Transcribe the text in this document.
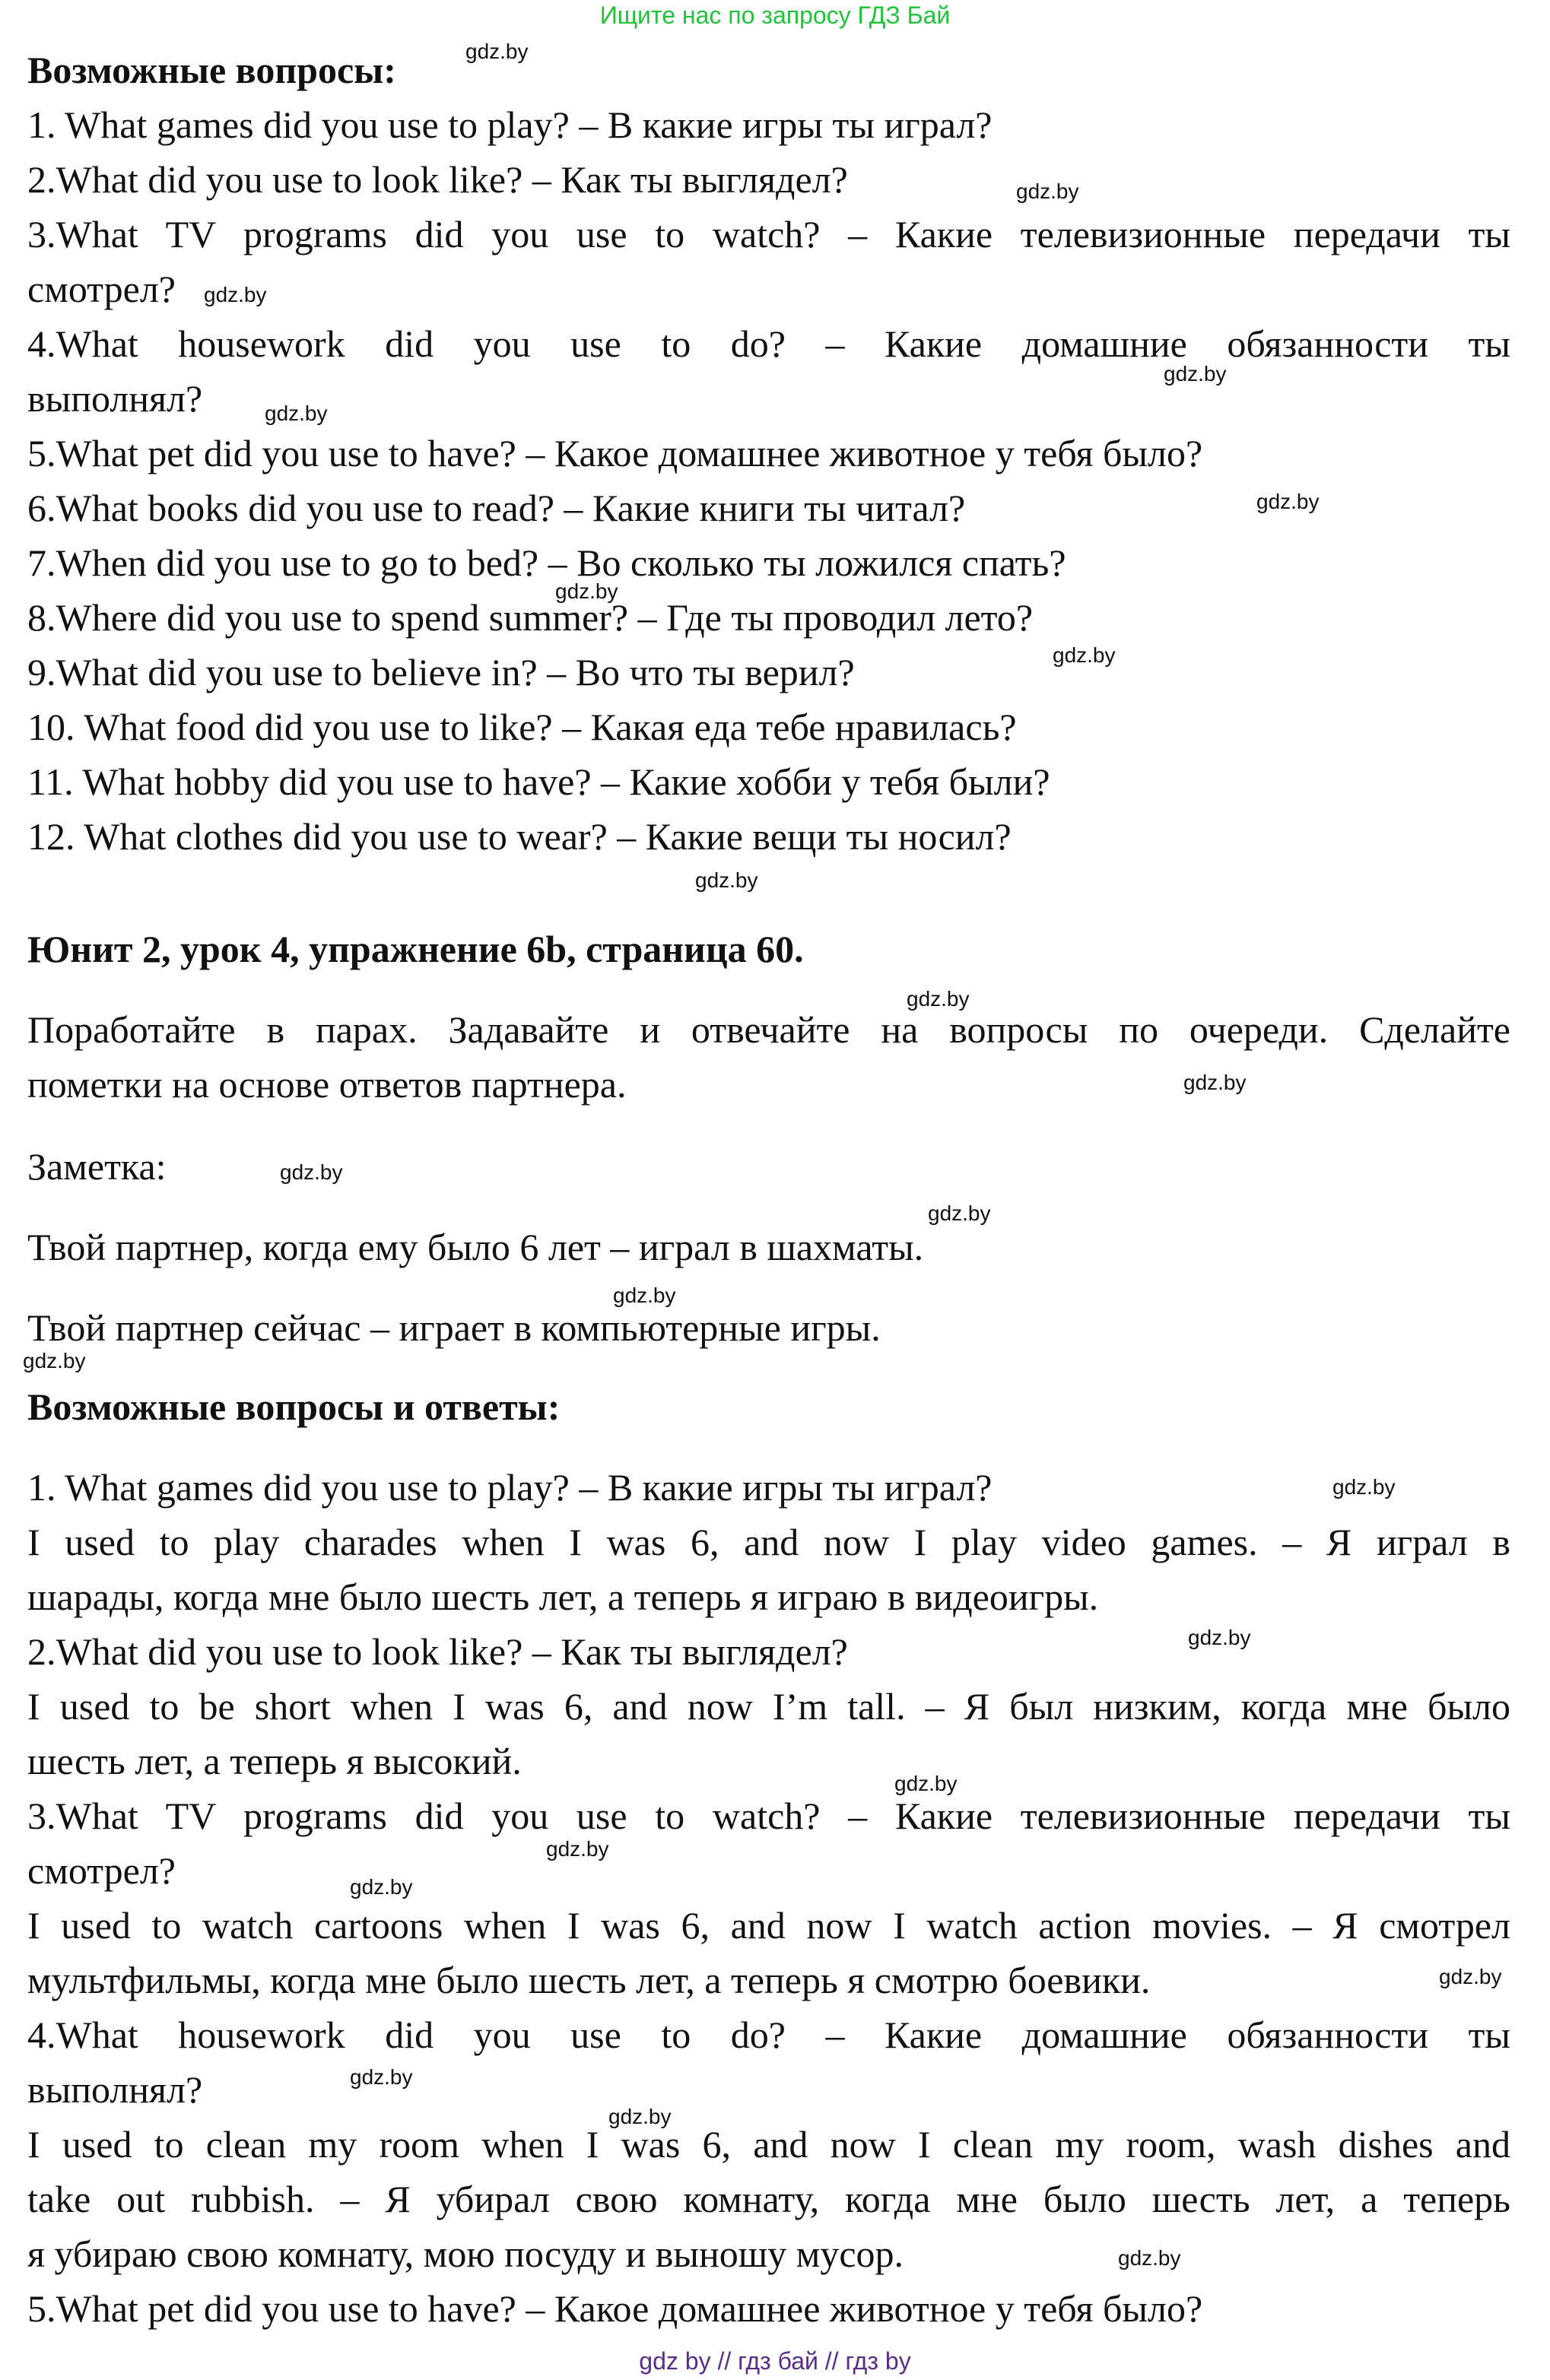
Ищите нас по запросу ГДЗ Бай
Возможные вопросы:
1. What games did you use to play? – В какие игры ты играл?
2.What did you use to look like? – Как ты выглядел?
3.What TV programs did you use to watch? – Какие телевизионные передачи ты
смотрел?
4.What housework did you use to do? – Какие домашние обязанности ты
выполнял?
5.What pet did you use to have? – Какое домашнее животное у тебя было?
6.What books did you use to read? – Какие книги ты читал?
7.When did you use to go to bed? – Во сколько ты ложился спать?
8.Where did you use to spend summer? – Где ты проводил лето?
9.What did you use to believe in? – Во что ты верил?
10. What food did you use to like? – Какая еда тебе нравилась?
11. What hobby did you use to have? – Какие хобби у тебя были?
12. What clothes did you use to wear? – Какие вещи ты носил?
Юнит 2, урок 4, упражнение 6b, страница 60.
Поработайте в парах. Задавайте и отвечайте на вопросы по очереди. Сделайте
пометки на основе ответов партнера.
Заметка:
Твой партнер, когда ему было 6 лет – играл в шахматы.
Твой партнер сейчас – играет в компьютерные игры.
Возможные вопросы и ответы:
1. What games did you use to play? – В какие игры ты играл?
I used to play charades when I was 6, and now I play video games. – Я играл в
шарады, когда мне было шесть лет, а теперь я играю в видеоигры.
2.What did you use to look like? – Как ты выглядел?
I used to be short when I was 6, and now I’m tall. – Я был низким, когда мне было
шесть лет, а теперь я высокий.
3.What TV programs did you use to watch? – Какие телевизионные передачи ты
смотрел?
I used to watch cartoons when I was 6, and now I watch action movies. – Я смотрел
мультфильмы, когда мне было шесть лет, а теперь я смотрю боевики.
4.What housework did you use to do? – Какие домашние обязанности ты
выполнял?
I used to clean my room when I was 6, and now I clean my room, wash dishes and
take out rubbish. – Я убирал свою комнату, когда мне было шесть лет, а теперь
я убираю свою комнату, мою посуду и выношу мусор.
5.What pet did you use to have? – Какое домашнее животное у тебя было?
gdz.by
gdz.by
gdz.by
gdz.by
gdz.by
gdz.by
gdz.by
gdz.by
gdz.by
gdz.by
gdz.by
gdz.by
gdz.by
gdz.by
gdz.by
gdz.by
gdz.by
gdz.by
gdz.by
gdz.by
gdz.by
gdz.by
gdz.by
gdz.by
gdz by // гдз бай // гдз by
